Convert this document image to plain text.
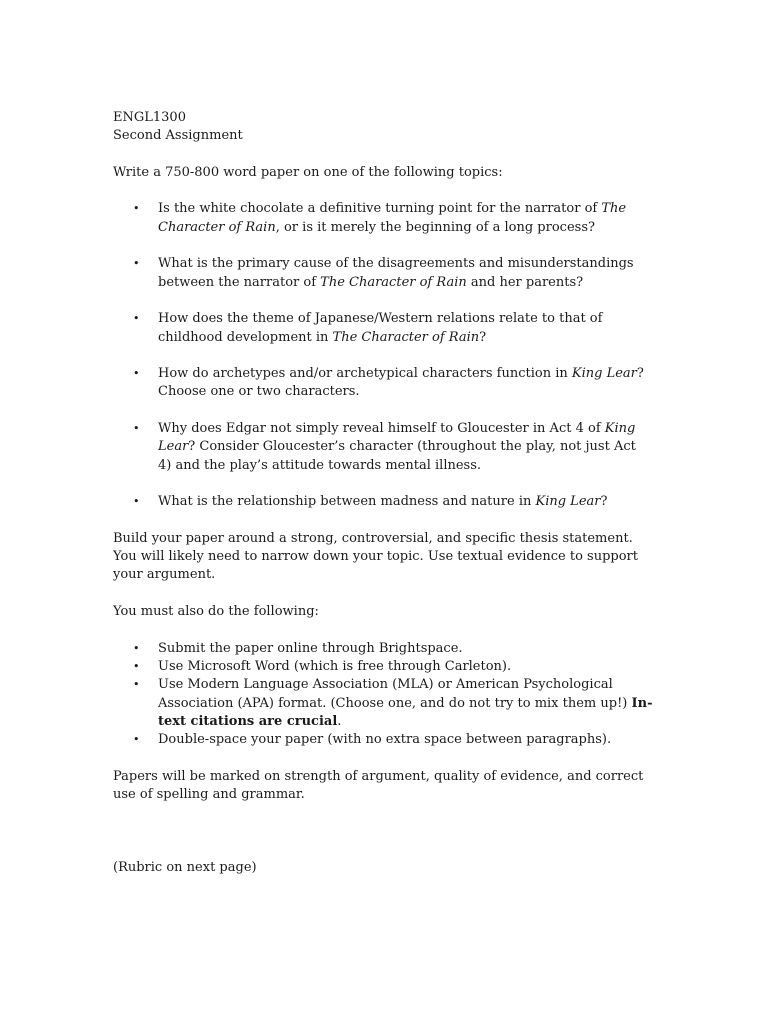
ENGL1300
Second Assignment

Write a 750-800 word paper on one of the following topics:

• Is the white chocolate a definitive turning point for the narrator of The Character of Rain, or is it merely the beginning of a long process?
• What is the primary cause of the disagreements and misunderstandings between the narrator of The Character of Rain and her parents?
• How does the theme of Japanese/Western relations relate to that of childhood development in The Character of Rain?
• How do archetypes and/or archetypical characters function in King Lear? Choose one or two characters.
• Why does Edgar not simply reveal himself to Gloucester in Act 4 of King Lear? Consider Gloucester’s character (throughout the play, not just Act 4) and the play’s attitude towards mental illness.
• What is the relationship between madness and nature in King Lear?

Build your paper around a strong, controversial, and specific thesis statement. You will likely need to narrow down your topic. Use textual evidence to support your argument.

You must also do the following:

• Submit the paper online through Brightspace.
• Use Microsoft Word (which is free through Carleton).
• Use Modern Language Association (MLA) or American Psychological Association (APA) format. (Choose one, and do not try to mix them up!) In-text citations are crucial.
• Double-space your paper (with no extra space between paragraphs).

Papers will be marked on strength of argument, quality of evidence, and correct use of spelling and grammar.

(Rubric on next page)
